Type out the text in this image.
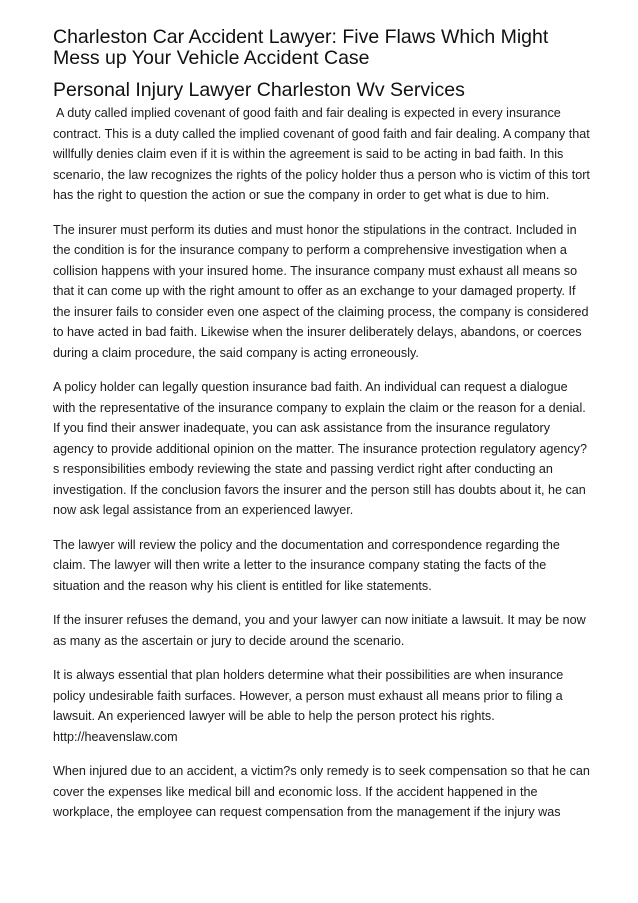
Charleston Car Accident Lawyer: Five Flaws Which Might Mess up Your Vehicle Accident Case
Personal Injury Lawyer Charleston Wv Services

A duty called implied covenant of good faith and fair dealing is expected in every insurance contract. This is a duty called the implied covenant of good faith and fair dealing. A company that willfully denies claim even if it is within the agreement is said to be acting in bad faith. In this scenario, the law recognizes the rights of the policy holder thus a person who is victim of this tort has the right to question the action or sue the company in order to get what is due to him.

The insurer must perform its duties and must honor the stipulations in the contract. Included in the condition is for the insurance company to perform a comprehensive investigation when a collision happens with your insured home. The insurance company must exhaust all means so that it can come up with the right amount to offer as an exchange to your damaged property. If the insurer fails to consider even one aspect of the claiming process, the company is considered to have acted in bad faith. Likewise when the insurer deliberately delays, abandons, or coerces during a claim procedure, the said company is acting erroneously.

A policy holder can legally question insurance bad faith. An individual can request a dialogue with the representative of the insurance company to explain the claim or the reason for a denial. If you find their answer inadequate, you can ask assistance from the insurance regulatory agency to provide additional opinion on the matter. The insurance protection regulatory agency?s responsibilities embody reviewing the state and passing verdict right after conducting an investigation. If the conclusion favors the insurer and the person still has doubts about it, he can now ask legal assistance from an experienced lawyer.

The lawyer will review the policy and the documentation and correspondence regarding the claim. The lawyer will then write a letter to the insurance company stating the facts of the situation and the reason why his client is entitled for like statements.

If the insurer refuses the demand, you and your lawyer can now initiate a lawsuit. It may be now as many as the ascertain or jury to decide around the scenario.

It is always essential that plan holders determine what their possibilities are when insurance policy undesirable faith surfaces. However, a person must exhaust all means prior to filing a lawsuit. An experienced lawyer will be able to help the person protect his rights.

http://heavenslaw.com

When injured due to an accident, a victim?s only remedy is to seek compensation so that he can cover the expenses like medical bill and economic loss. If the accident happened in the workplace, the employee can request compensation from the management if the injury was
